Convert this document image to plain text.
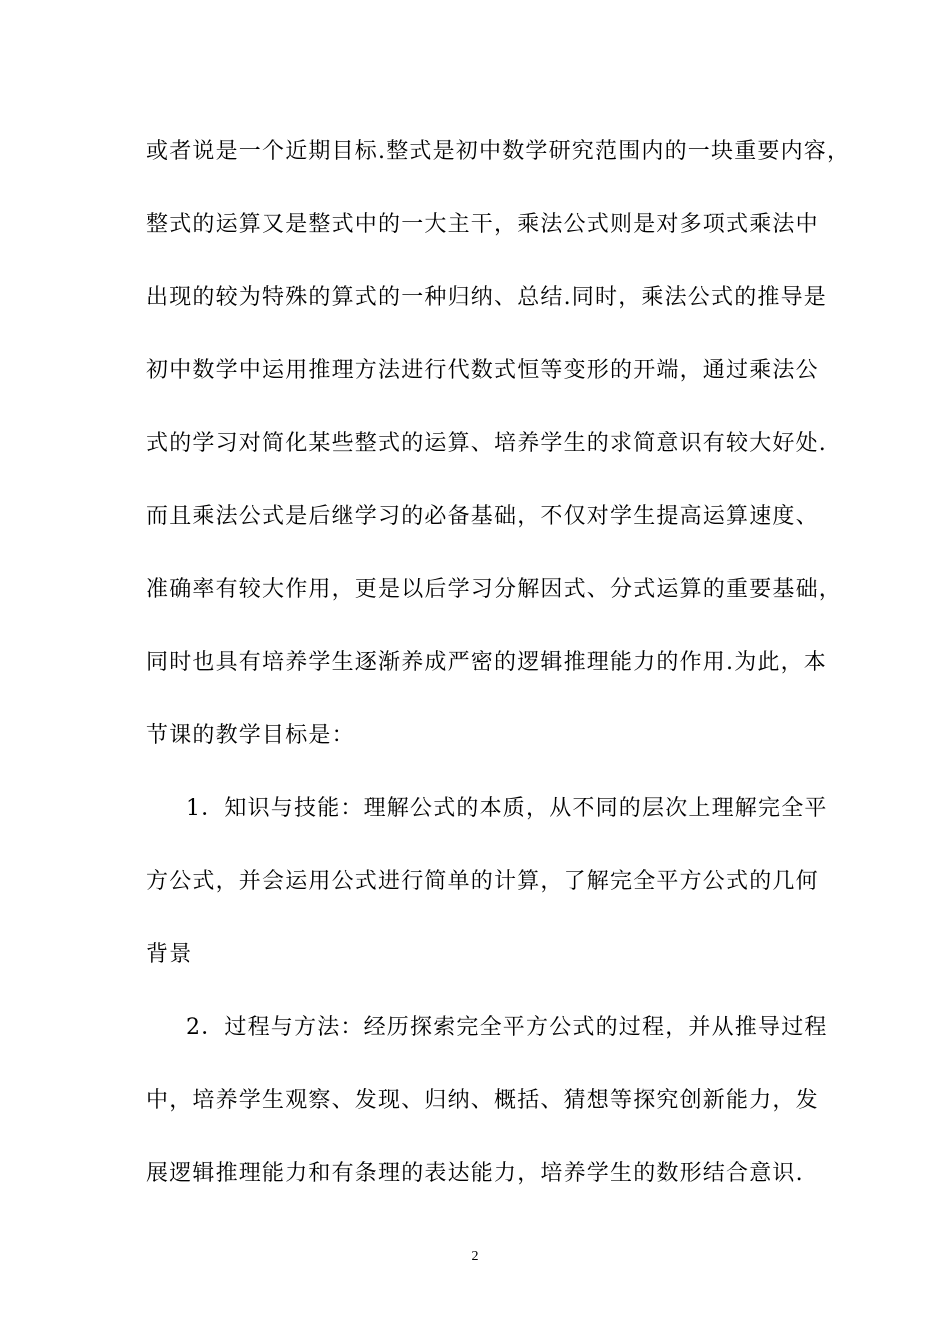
或者说是一个近期目标.整式是初中数学研究范围内的一块重要内容，
整式的运算又是整式中的一大主干，乘法公式则是对多项式乘法中
出现的较为特殊的算式的一种归纳、总结.同时，乘法公式的推导是
初中数学中运用推理方法进行代数式恒等变形的开端，通过乘法公
式的学习对简化某些整式的运算、培养学生的求简意识有较大好处.
而且乘法公式是后继学习的必备基础，不仅对学生提高运算速度、
准确率有较大作用，更是以后学习分解因式、分式运算的重要基础，
同时也具有培养学生逐渐养成严密的逻辑推理能力的作用.为此，本
节课的教学目标是：
1．知识与技能：理解公式的本质，从不同的层次上理解完全平
方公式，并会运用公式进行简单的计算，了解完全平方公式的几何
背景
2．过程与方法：经历探索完全平方公式的过程，并从推导过程
中，培养学生观察、发现、归纳、概括、猜想等探究创新能力，发
展逻辑推理能力和有条理的表达能力，培养学生的数形结合意识.
2
